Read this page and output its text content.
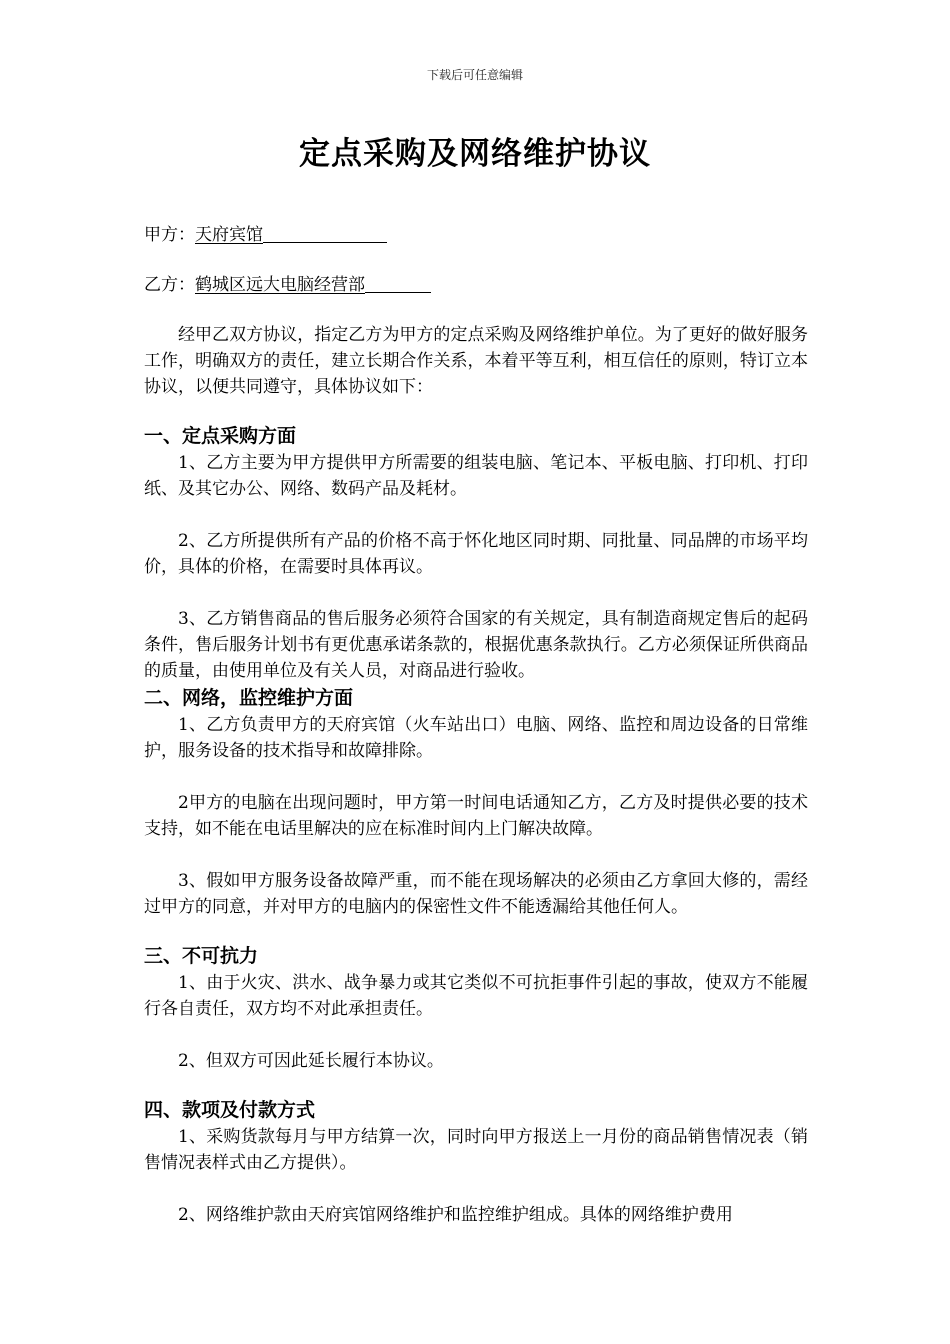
下载后可任意编辑
定点采购及网络维护协议

甲方：天府宾馆

乙方：鹤城区远大电脑经营部

经甲乙双方协议，指定乙方为甲方的定点采购及网络维护单位。为了更好的做好服务工作，明确双方的责任，建立长期合作关系，本着平等互利，相互信任的原则，特订立本协议，以便共同遵守，具体协议如下：

一、定点采购方面

1、乙方主要为甲方提供甲方所需要的组装电脑、笔记本、平板电脑、打印机、打印纸、及其它办公、网络、数码产品及耗材。

2、乙方所提供所有产品的价格不高于怀化地区同时期、同批量、同品牌的市场平均价，具体的价格，在需要时具体再议。

3、乙方销售商品的售后服务必须符合国家的有关规定，具有制造商规定售后的起码条件，售后服务计划书有更优惠承诺条款的，根据优惠条款执行。乙方必须保证所供商品的质量，由使用单位及有关人员，对商品进行验收。

二、网络，监控维护方面

1、乙方负责甲方的天府宾馆（火车站出口）电脑、网络、监控和周边设备的日常维护，服务设备的技术指导和故障排除。

2甲方的电脑在出现问题时，甲方第一时间电话通知乙方，乙方及时提供必要的技术支持，如不能在电话里解决的应在标准时间内上门解决故障。

3、假如甲方服务设备故障严重，而不能在现场解决的必须由乙方拿回大修的，需经过甲方的同意，并对甲方的电脑内的保密性文件不能透漏给其他任何人。

三、不可抗力

1、由于火灾、洪水、战争暴力或其它类似不可抗拒事件引起的事故，使双方不能履行各自责任，双方均不对此承担责任。

2、但双方可因此延长履行本协议。

四、款项及付款方式

1、采购货款每月与甲方结算一次，同时向甲方报送上一月份的商品销售情况表（销售情况表样式由乙方提供）。

2、网络维护款由天府宾馆网络维护和监控维护组成。具体的网络维护费用
